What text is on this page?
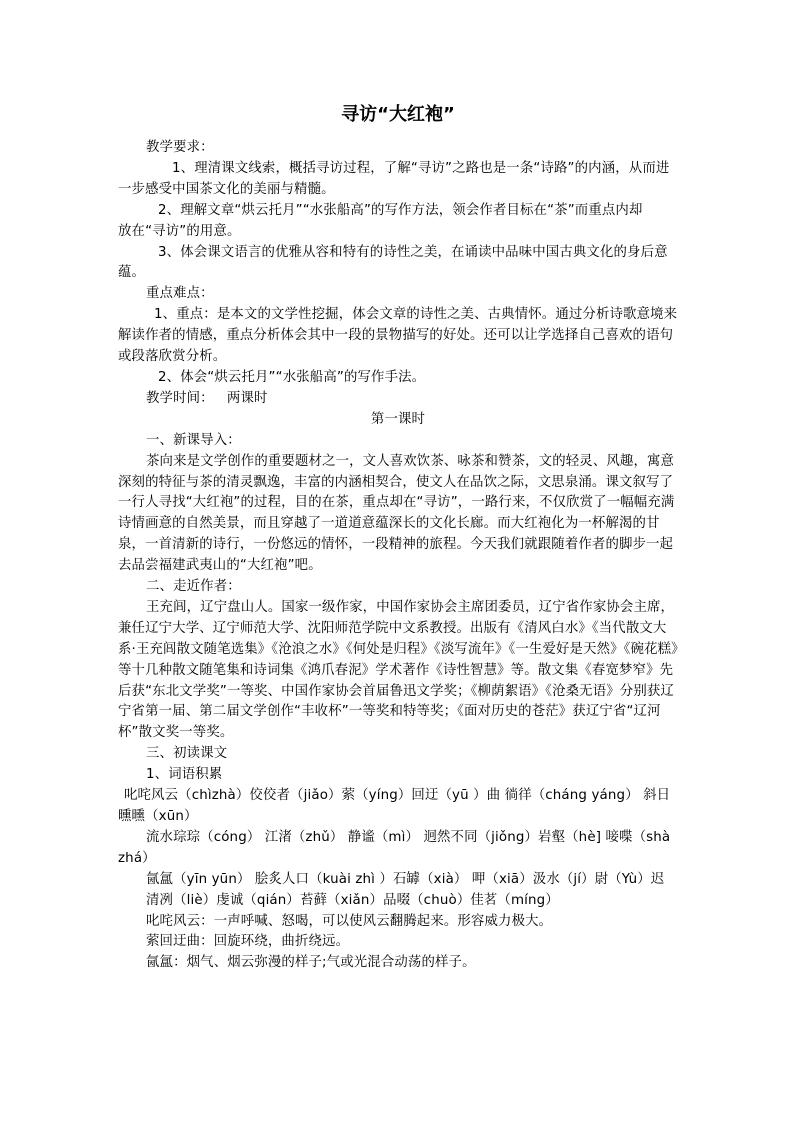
寻访“大红袍”

教学要求：

1、理清课文线索，概括寻访过程，了解“寻访”之路也是一条“诗路”的内涵，从而进一步感受中国茶文化的美丽与精髓。

2、理解文章“烘云托月”“水张船高”的写作方法，领会作者目标在“茶”而重点内却

放在“寻访”的用意。

3、体会课文语言的优雅从容和特有的诗性之美，在诵读中品味中国古典文化的身后意蕴。

重点难点：

1、重点：是本文的文学性挖掘，体会文章的诗性之美、古典情怀。通过分析诗歌意境来解读作者的情感，重点分析体会其中一段的景物描写的好处。还可以让学选择自己喜欢的语句或段落欣赏分析。

2、体会“烘云托月”“水张船高”的写作手法。

教学时间：   两课时

第一课时

一、新课导入：

茶向来是文学创作的重要题材之一，文人喜欢饮茶、咏茶和赞茶，文的轻灵、风趣，寓意深刻的特征与茶的清灵飘逸，丰富的内涵相契合，使文人在品饮之际，文思泉涌。课文叙写了一行人寻找“大红袍”的过程，目的在茶，重点却在“寻访”，一路行来，不仅欣赏了一幅幅充满诗情画意的自然美景，而且穿越了一道道意蕴深长的文化长廊。而大红袍化为一杯解渴的甘泉，一首清新的诗行，一份悠远的情怀，一段精神的旅程。今天我们就跟随着作者的脚步一起去品尝福建武夷山的“大红袍”吧。

二、走近作者：

王充闾，辽宁盘山人。国家一级作家，中国作家协会主席团委员，辽宁省作家协会主席，兼任辽宁大学、辽宁师范大学、沈阳师范学院中文系教授。出版有《清风白水》《当代散文大系·王充闾散文随笔选集》《沧浪之水》《何处是归程》《淡写流年》《一生爱好是天然》《碗花糕》等十几种散文随笔集和诗词集《鸿爪春泥》学术著作《诗性智慧》等。散文集《春宽梦窄》先后获“东北文学奖”一等奖、中国作家协会首届鲁迅文学奖；《柳荫絮语》《沧桑无语》分别获辽宁省第一届、第二届文学创作“丰收杯”一等奖和特等奖；《面对历史的苍茫》获辽宁省“辽河杯”散文奖一等奖。

三、初读课文

1、词语积累

叱咤风云（chìzhà）佼佼者（jiǎo）萦（yíng）回迂（yū ）曲 徜徉（cháng yáng） 斜日曛曛（xūn）

流水琮琮（cóng） 江渚（zhǔ） 静谧（mì） 迥然不同（jiǒng）岩壑（hè] 唼喋（shà zhá）

氤氲（yīn yūn） 脍炙人口（kuài zhì ）石罅（xià） 呷（xiā）汲水（jí）尉（Yù）迟

清冽（liè）虔诚（qián）苔藓（xiǎn）品啜（chuò）佳茗（míng）

叱咤风云：一声呼喊、怒喝，可以使风云翻腾起来。形容威力极大。

萦回迂曲：回旋环绕，曲折绕远。

氤氲：烟气、烟云弥漫的样子;气或光混合动荡的样子。
